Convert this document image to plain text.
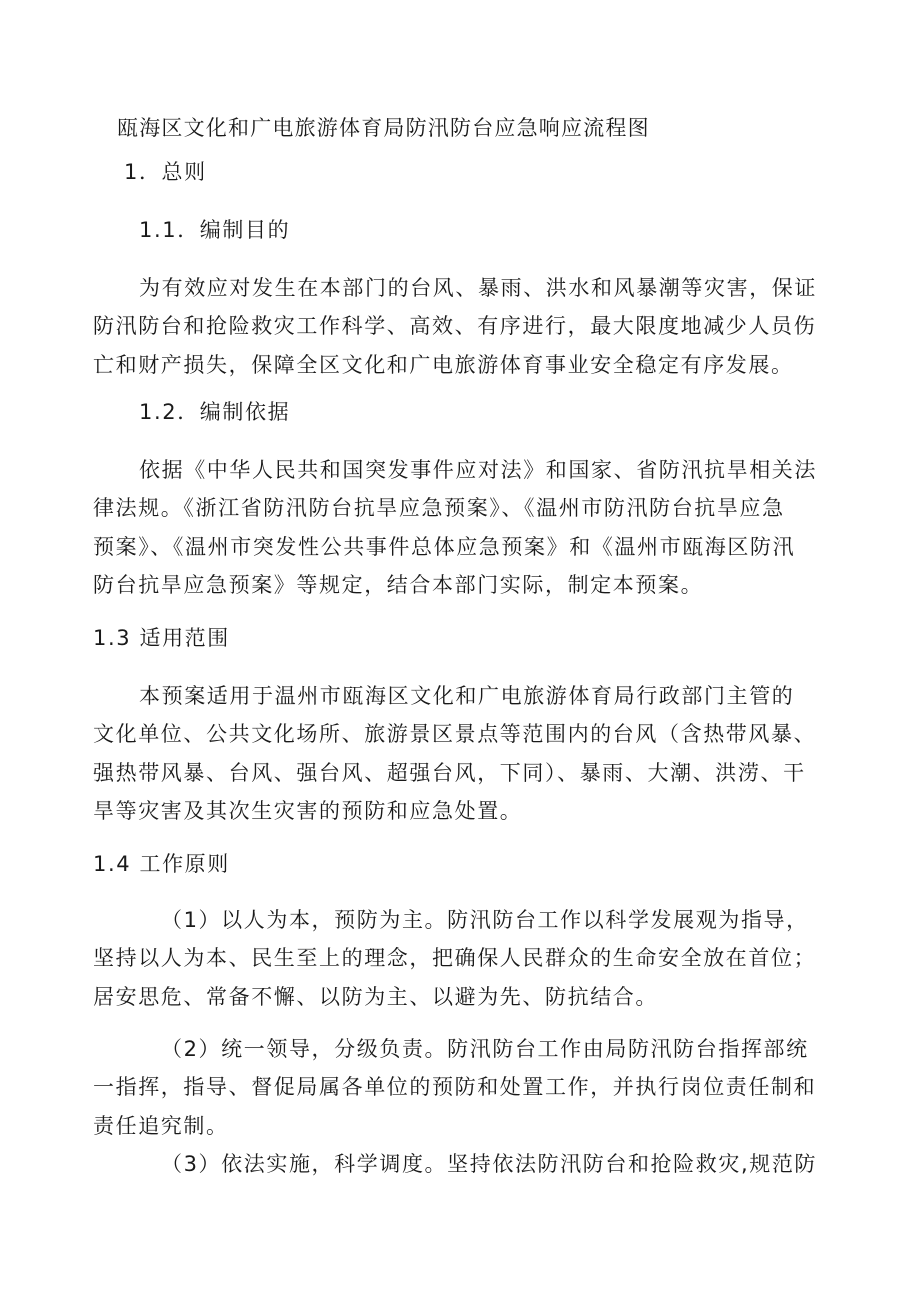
瓯海区文化和广电旅游体育局防汛防台应急响应流程图
1．总则
1.1．编制目的
为有效应对发生在本部门的台风、暴雨、洪水和风暴潮等灾害，保证
防汛防台和抢险救灾工作科学、高效、有序进行，最大限度地减少人员伤
亡和财产损失，保障全区文化和广电旅游体育事业安全稳定有序发展。
1.2．编制依据
依据《中华人民共和国突发事件应对法》和国家、省防汛抗旱相关法
律法规。《浙江省防汛防台抗旱应急预案》、《温州市防汛防台抗旱应急
预案》、《温州市突发性公共事件总体应急预案》和《温州市瓯海区防汛
防台抗旱应急预案》等规定，结合本部门实际，制定本预案。
1.3 适用范围
本预案适用于温州市瓯海区文化和广电旅游体育局行政部门主管的
文化单位、公共文化场所、旅游景区景点等范围内的台风（含热带风暴、
强热带风暴、台风、强台风、超强台风，下同）、暴雨、大潮、洪涝、干
旱等灾害及其次生灾害的预防和应急处置。
1.4 工作原则
（1）以人为本，预防为主。防汛防台工作以科学发展观为指导，
坚持以人为本、民生至上的理念，把确保人民群众的生命安全放在首位；
居安思危、常备不懈、以防为主、以避为先、防抗结合。
（2）统一领导，分级负责。防汛防台工作由局防汛防台指挥部统
一指挥，指导、督促局属各单位的预防和处置工作，并执行岗位责任制和
责任追究制。
（3）依法实施，科学调度。坚持依法防汛防台和抢险救灾,规范防
